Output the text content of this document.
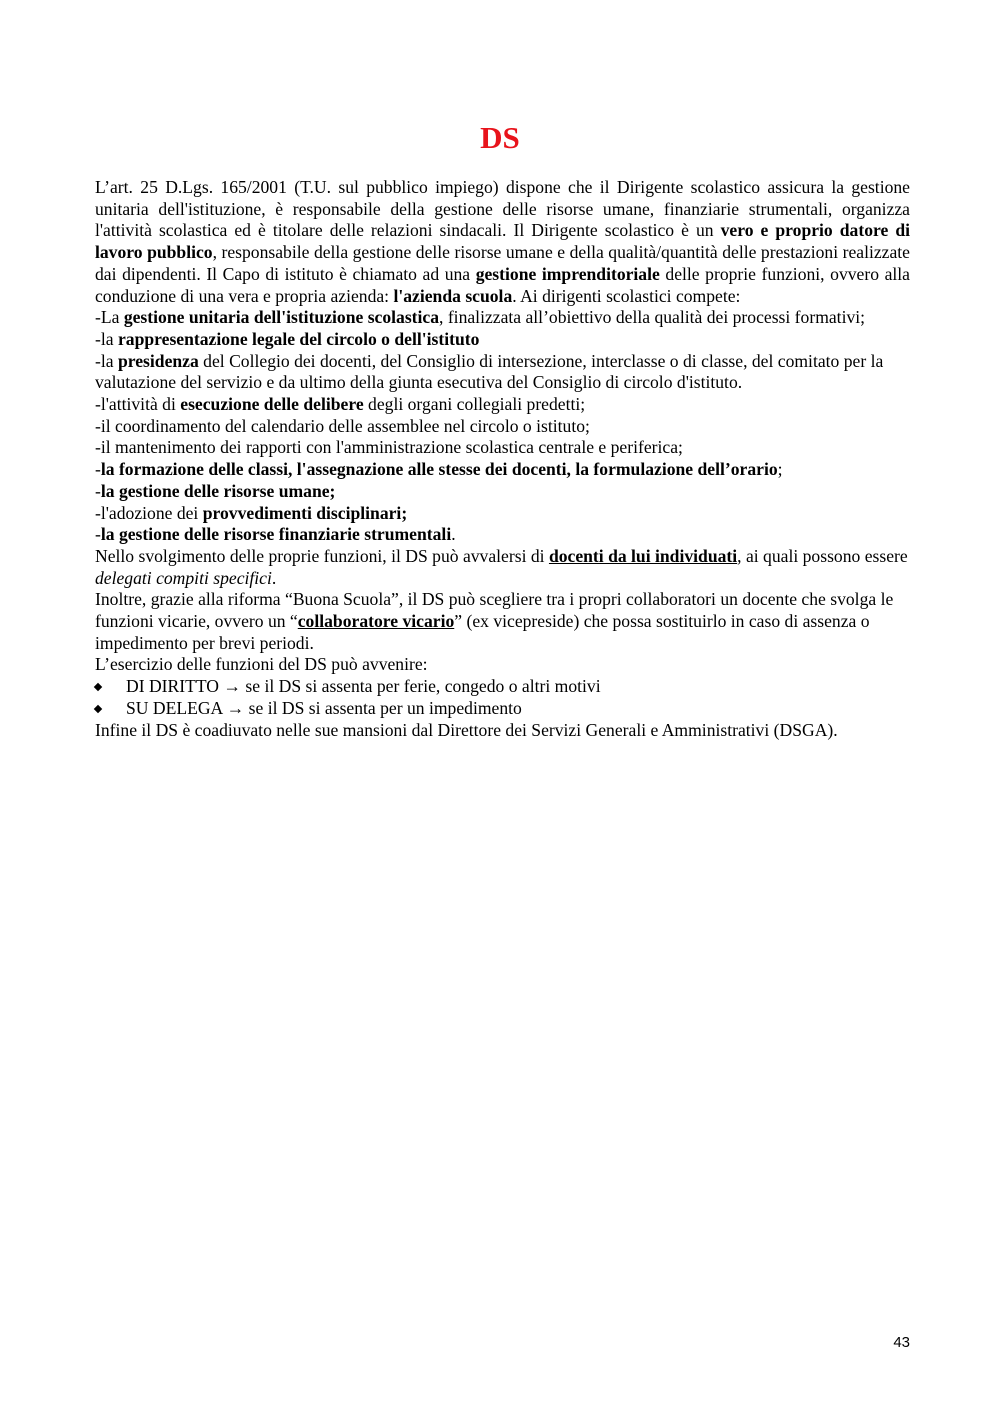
DS

L’art. 25 D.Lgs. 165/2001 (T.U. sul pubblico impiego) dispone che il Dirigente scolastico assicura la gestione unitaria dell'istituzione, è responsabile della gestione delle risorse umane, finanziarie strumentali, organizza l'attività scolastica ed è titolare delle relazioni sindacali. Il Dirigente scolastico è un vero e proprio datore di lavoro pubblico, responsabile della gestione delle risorse umane e della qualità/quantità delle prestazioni realizzate dai dipendenti. Il Capo di istituto è chiamato ad una gestione imprenditoriale delle proprie funzioni, ovvero alla conduzione di una vera e propria azienda: l'azienda scuola. Ai dirigenti scolastici compete:

-La gestione unitaria dell'istituzione scolastica, finalizzata all’obiettivo della qualità dei processi formativi;

-la rappresentazione legale del circolo o dell'istituto

-la presidenza del Collegio dei docenti, del Consiglio di intersezione, interclasse o di classe, del comitato per la valutazione del servizio e da ultimo della giunta esecutiva del Consiglio di circolo d'istituto.

-l'attività di esecuzione delle delibere degli organi collegiali predetti;

-il coordinamento del calendario delle assemblee nel circolo o istituto;

-il mantenimento dei rapporti con l'amministrazione scolastica centrale e periferica;

-la formazione delle classi, l'assegnazione alle stesse dei docenti, la formulazione dell’orario;

-la gestione delle risorse umane;

-l'adozione dei provvedimenti disciplinari;

-la gestione delle risorse finanziarie strumentali.

Nello svolgimento delle proprie funzioni, il DS può avvalersi di docenti da lui individuati, ai quali possono essere delegati compiti specifici.

Inoltre, grazie alla riforma “Buona Scuola”, il DS può scegliere tra i propri collaboratori un docente che svolga le funzioni vicarie, ovvero un “collaboratore vicario” (ex vicepreside) che possa sostituirlo in caso di assenza o impedimento per brevi periodi.

L’esercizio delle funzioni del DS può avvenire:

DI DIRITTO → se il DS si assenta per ferie, congedo o altri motivi
SU DELEGA → se il DS si assenta per un impedimento

Infine il DS è coadiuvato nelle sue mansioni dal Direttore dei Servizi Generali e Amministrativi (DSGA).

43
